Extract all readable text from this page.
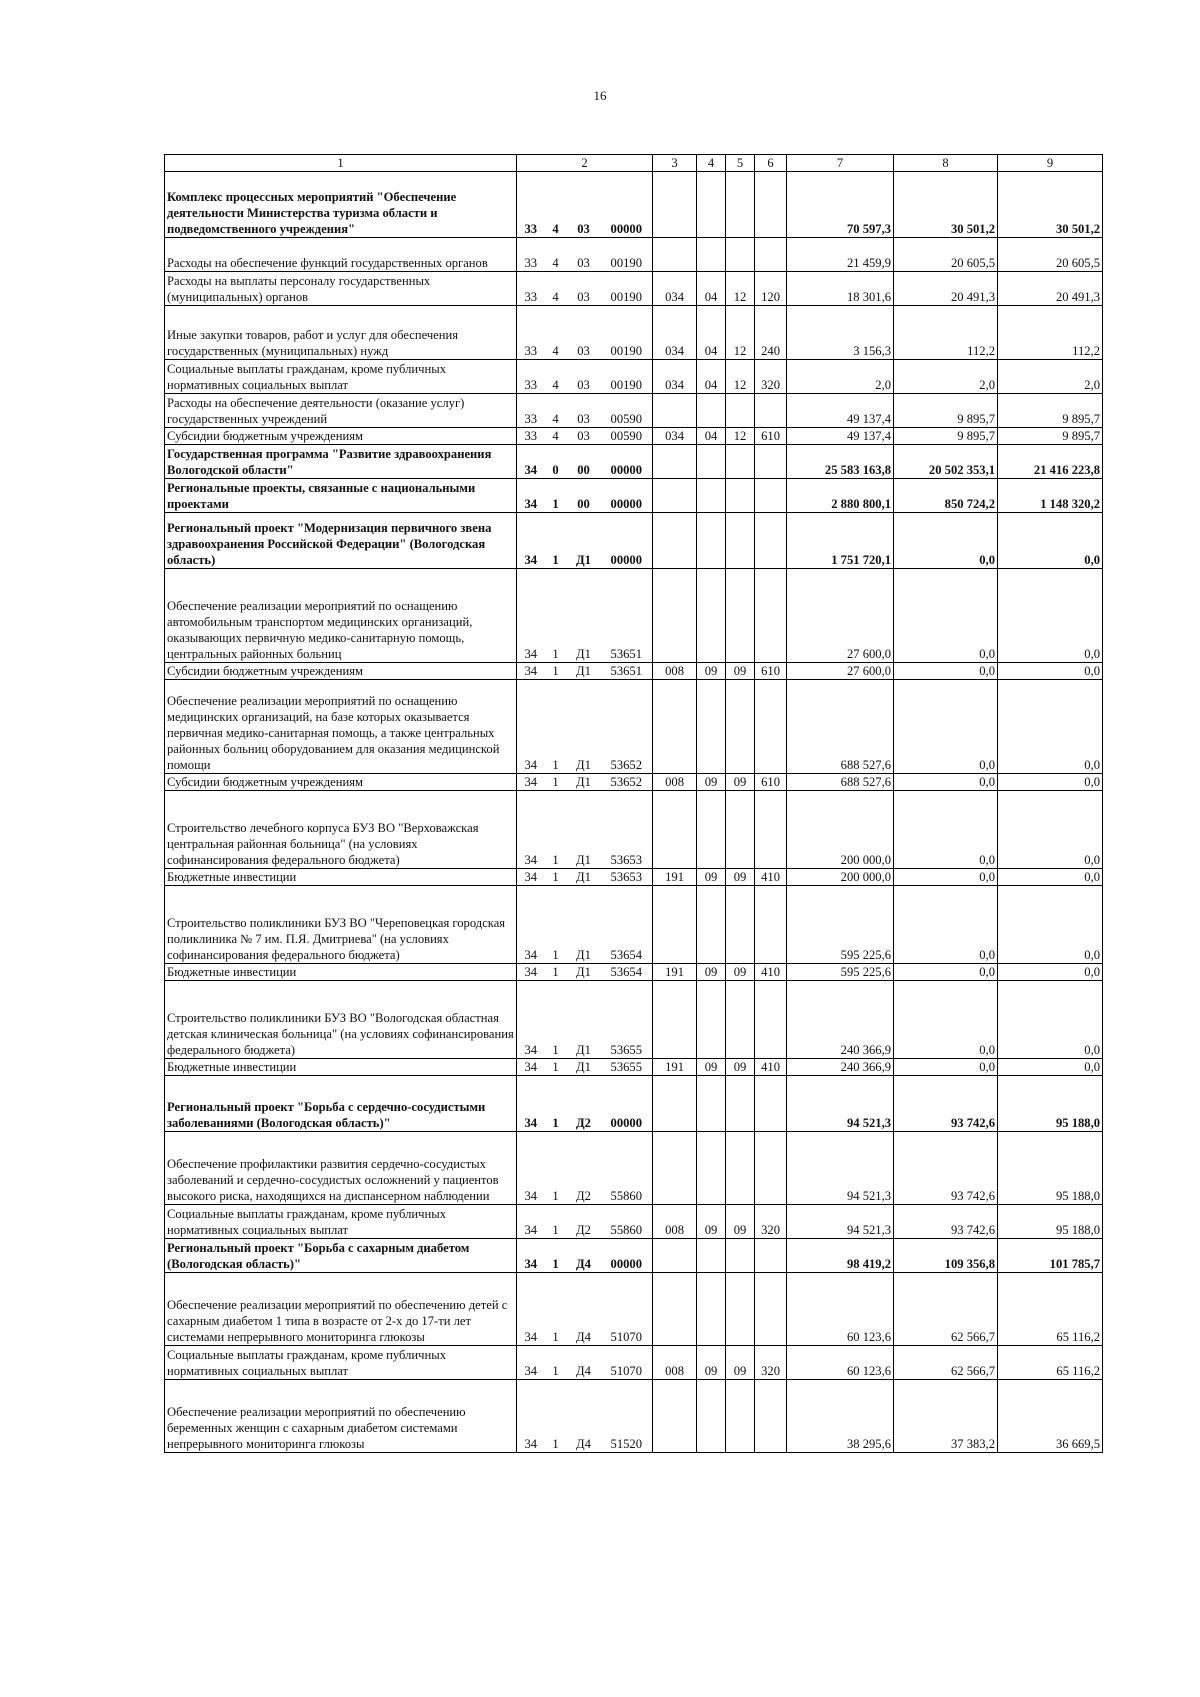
16
1	2				3	4	5	6	7	8	9
Комплекс процессных мероприятий "Обеспечение деятельности Министерства туризма области и подведомственного учреждения"	33	4	03	00000					70 597,3	30 501,2	30 501,2
Расходы на обеспечение функций государственных органов	33	4	03	00190					21 459,9	20 605,5	20 605,5
Расходы на выплаты персоналу государственных (муниципальных) органов	33	4	03	00190	034	04	12	120	18 301,6	20 491,3	20 491,3
Иные закупки товаров, работ и услуг для обеспечения государственных (муниципальных) нужд	33	4	03	00190	034	04	12	240	3 156,3	112,2	112,2
Социальные выплаты гражданам, кроме публичных нормативных социальных выплат	33	4	03	00190	034	04	12	320	2,0	2,0	2,0
Расходы на обеспечение деятельности (оказание услуг) государственных учреждений	33	4	03	00590					49 137,4	9 895,7	9 895,7
Субсидии бюджетным учреждениям	33	4	03	00590	034	04	12	610	49 137,4	9 895,7	9 895,7
Государственная программа "Развитие здравоохранения Вологодской области"	34	0	00	00000					25 583 163,8	20 502 353,1	21 416 223,8
Региональные проекты, связанные с национальными проектами	34	1	00	00000					2 880 800,1	850 724,2	1 148 320,2
Региональный проект "Модернизация первичного звена здравоохранения Российской Федерации" (Вологодская область)	34	1	Д1	00000					1 751 720,1	0,0	0,0
Обеспечение реализации мероприятий по оснащению автомобильным транспортом медицинских организаций, оказывающих первичную медико-санитарную помощь, центральных районных больниц	34	1	Д1	53651					27 600,0	0,0	0,0
Субсидии бюджетным учреждениям	34	1	Д1	53651	008	09	09	610	27 600,0	0,0	0,0
Обеспечение реализации мероприятий по оснащению медицинских организаций, на базе которых оказывается первичная медико-санитарная помощь, а также центральных районных больниц оборудованием для оказания медицинской помощи	34	1	Д1	53652					688 527,6	0,0	0,0
Субсидии бюджетным учреждениям	34	1	Д1	53652	008	09	09	610	688 527,6	0,0	0,0
Строительство лечебного корпуса БУЗ ВО "Верховажская центральная районная больница" (на условиях софинансирования федерального бюджета)	34	1	Д1	53653					200 000,0	0,0	0,0
Бюджетные инвестиции	34	1	Д1	53653	191	09	09	410	200 000,0	0,0	0,0
Строительство поликлиники БУЗ ВО "Череповецкая городская поликлиника № 7 им. П.Я. Дмитриева" (на условиях софинансирования федерального бюджета)	34	1	Д1	53654					595 225,6	0,0	0,0
Бюджетные инвестиции	34	1	Д1	53654	191	09	09	410	595 225,6	0,0	0,0
Строительство поликлиники БУЗ ВО "Вологодская областная детская клиническая больница" (на условиях софинансирования федерального бюджета)	34	1	Д1	53655					240 366,9	0,0	0,0
Бюджетные инвестиции	34	1	Д1	53655	191	09	09	410	240 366,9	0,0	0,0
Региональный проект "Борьба с сердечно-сосудистыми заболеваниями (Вологодская область)"	34	1	Д2	00000					94 521,3	93 742,6	95 188,0
Обеспечение профилактики развития сердечно-сосудистых заболеваний и сердечно-сосудистых осложнений у пациентов высокого риска, находящихся на диспансерном наблюдении	34	1	Д2	55860					94 521,3	93 742,6	95 188,0
Социальные выплаты гражданам, кроме публичных нормативных социальных выплат	34	1	Д2	55860	008	09	09	320	94 521,3	93 742,6	95 188,0
Региональный проект "Борьба с сахарным диабетом (Вологодская область)"	34	1	Д4	00000					98 419,2	109 356,8	101 785,7
Обеспечение реализации мероприятий по обеспечению детей с сахарным диабетом 1 типа в возрасте от 2-х до 17-ти лет системами непрерывного мониторинга глюкозы	34	1	Д4	51070					60 123,6	62 566,7	65 116,2
Социальные выплаты гражданам, кроме публичных нормативных социальных выплат	34	1	Д4	51070	008	09	09	320	60 123,6	62 566,7	65 116,2
Обеспечение реализации мероприятий по обеспечению беременных женщин с сахарным диабетом системами непрерывного мониторинга глюкозы	34	1	Д4	51520					38 295,6	37 383,2	36 669,5
